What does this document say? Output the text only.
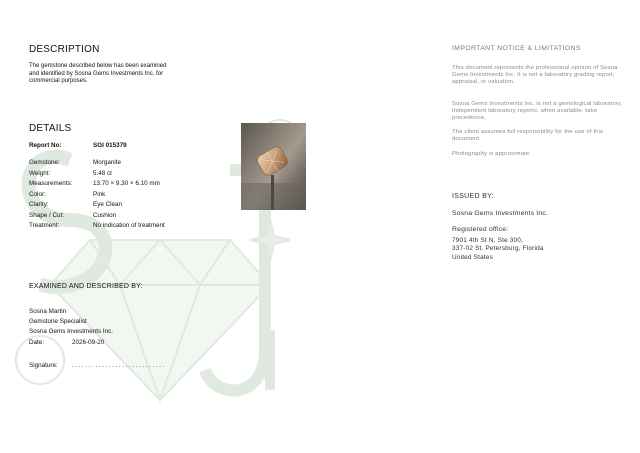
DESCRIPTION
The gemstone described below has been examined and identified by Sosna Gems Investments Inc. for commercial purposes.
DETAILS
Report No:	SGI 015379
Gemstone:	Morganite
Weight:	5.48 ct
Measurements:	13.70 × 9.30 × 6.10 mm
Color:	Pink
Clarity:	Eye Clean
Shape / Cut:	Cushion
Treatment:	No indication of treatment
EXAMINED AND DESCRIBED BY:
Sosna Martin
Gemstone Specialist
Sosna Gems Investments Inc.
Date:	2026-09-20
Signature:	............................
IMPORTANT NOTICE & LIMITATIONS
This document represents the professional opinion of Sosna Gems Investments Inc. It is not a laboratory grading report, appraisal, or valuation.
Sosna Gems Investments Inc. is not a gemological laboratory. Independent laboratory reports, when available, take precedence.
The client assumes full responsibility for the use of this document.
Photography is approximate.
ISSUED BY:
Sosna Gems Investments Inc.
Registered office:
7901 4th St N, Ste 300,
337-02 St. Petersburg, Florida
United States
